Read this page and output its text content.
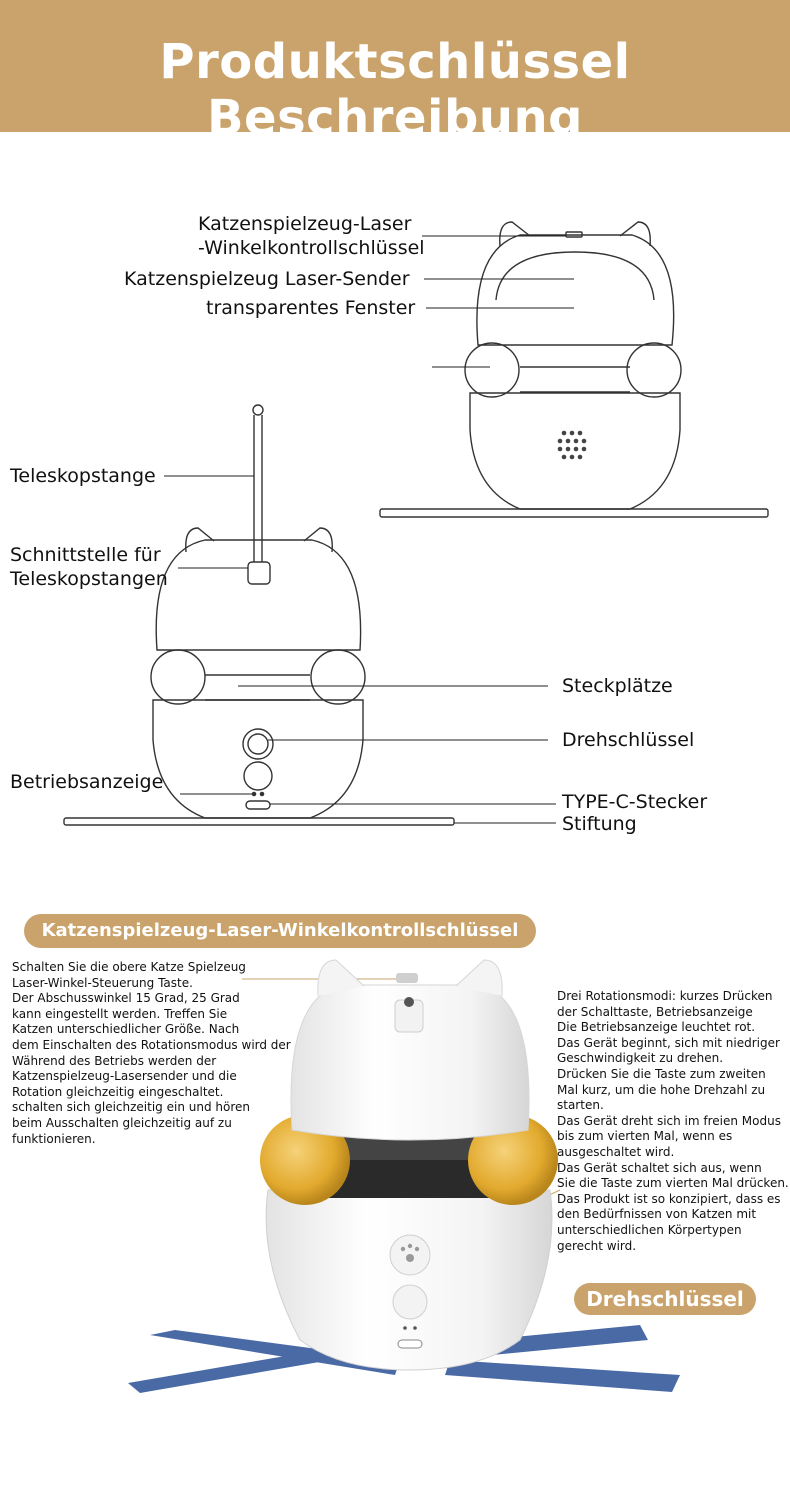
Produktschlüssel Beschreibung
Katzenspielzeug-Laser
-Winkelkontrollschlüssel
Katzenspielzeug Laser-Sender
transparentes Fenster
Teleskopstange
Schnittstelle für
Teleskopstangen
Steckplätze
Drehschlüssel
Betriebsanzeige
TYPE-C-Stecker
Stiftung
Katzenspielzeug-Laser-Winkelkontrollschlüssel
Drehschlüssel
Schalten Sie die obere Katze Spielzeug
Laser-Winkel-Steuerung Taste.
Der Abschusswinkel 15 Grad, 25 Grad
kann eingestellt werden. Treffen Sie
Katzen unterschiedlicher Größe. Nach
dem Einschalten des Rotationsmodus wird der
Während des Betriebs werden der
Katzenspielzeug-Lasersender und die
Rotation gleichzeitig eingeschaltet.
schalten sich gleichzeitig ein und hören
beim Ausschalten gleichzeitig auf zu
funktionieren.
Drei Rotationsmodi: kurzes Drücken
der Schalttaste, Betriebsanzeige
Die Betriebsanzeige leuchtet rot.
Das Gerät beginnt, sich mit niedriger
Geschwindigkeit zu drehen.
Drücken Sie die Taste zum zweiten
Mal kurz, um die hohe Drehzahl zu
starten.
Das Gerät dreht sich im freien Modus
bis zum vierten Mal, wenn es
ausgeschaltet wird.
Das Gerät schaltet sich aus, wenn
Sie die Taste zum vierten Mal drücken.
Das Produkt ist so konzipiert, dass es
den Bedürfnissen von Katzen mit
unterschiedlichen Körpertypen
gerecht wird.
